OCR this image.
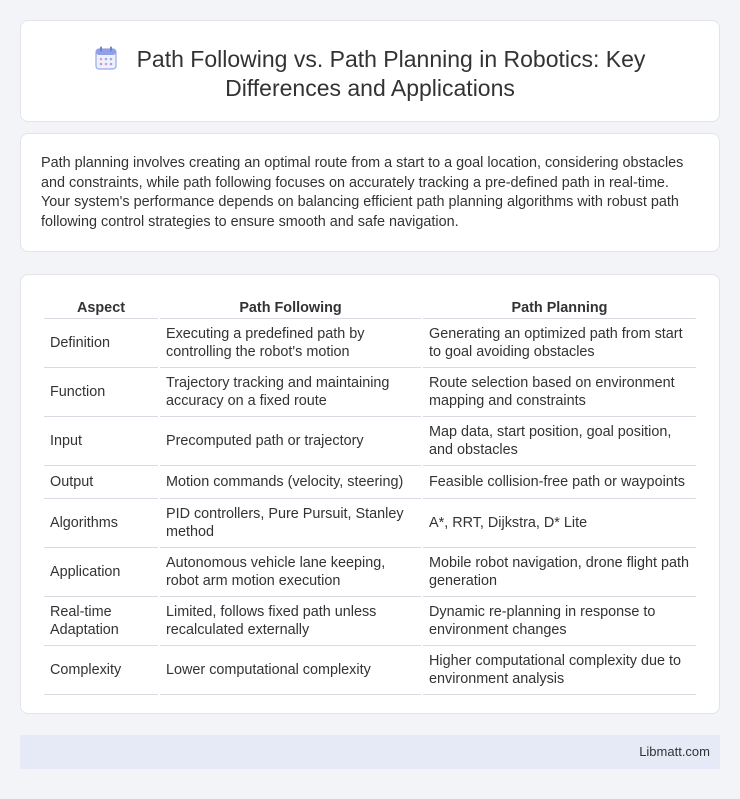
Path Following vs. Path Planning in Robotics: Key Differences and Applications

Path planning involves creating an optimal route from a start to a goal location, considering obstacles and constraints, while path following focuses on accurately tracking a pre-defined path in real-time. Your system's performance depends on balancing efficient path planning algorithms with robust path following control strategies to ensure smooth and safe navigation.

Aspect	Path Following	Path Planning
Definition	Executing a predefined path by controlling the robot's motion	Generating an optimized path from start to goal avoiding obstacles
Function	Trajectory tracking and maintaining accuracy on a fixed route	Route selection based on environment mapping and constraints
Input	Precomputed path or trajectory	Map data, start position, goal position, and obstacles
Output	Motion commands (velocity, steering)	Feasible collision-free path or waypoints
Algorithms	PID controllers, Pure Pursuit, Stanley method	A*, RRT, Dijkstra, D* Lite
Application	Autonomous vehicle lane keeping, robot arm motion execution	Mobile robot navigation, drone flight path generation
Real-time Adaptation	Limited, follows fixed path unless recalculated externally	Dynamic re-planning in response to environment changes
Complexity	Lower computational complexity	Higher computational complexity due to environment analysis
Libmatt.com
